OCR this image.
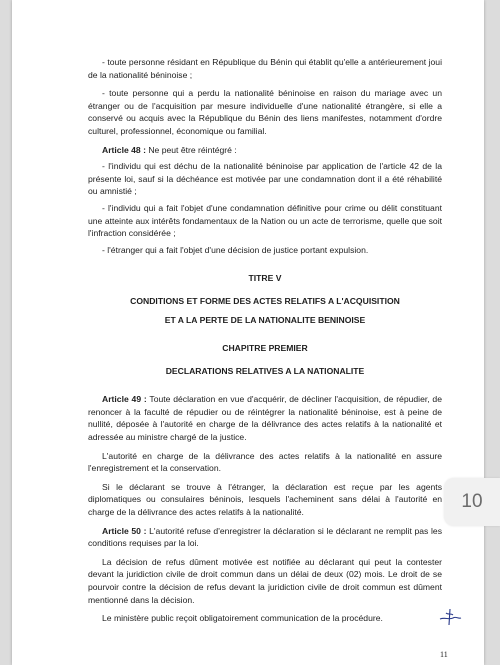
- toute personne résidant en République du Bénin qui établit qu'elle a antérieurement joui de la nationalité béninoise ;

- toute personne qui a perdu la nationalité béninoise en raison du mariage avec un étranger ou de l'acquisition par mesure individuelle d'une nationalité étrangère, si elle a conservé ou acquis avec la République du Bénin des liens manifestes, notamment d'ordre culturel, professionnel, économique ou familial.

Article 48 : Ne peut être réintégré :

- l'individu qui est déchu de la nationalité béninoise par application de l'article 42 de la présente loi, sauf si la déchéance est motivée par une condamnation dont il a été réhabilité ou amnistié ;

- l'individu qui a fait l'objet d'une condamnation définitive pour crime ou délit constituant une atteinte aux intérêts fondamentaux de la Nation ou un acte de terrorisme, quelle que soit l'infraction considérée ;

- l'étranger qui a fait l'objet d'une décision de justice portant expulsion.

TITRE V

CONDITIONS ET FORME DES ACTES RELATIFS A L'ACQUISITION

ET A LA PERTE DE LA NATIONALITE BENINOISE

CHAPITRE PREMIER

DECLARATIONS RELATIVES A LA NATIONALITE

Article 49 : Toute déclaration en vue d'acquérir, de décliner l'acquisition, de répudier, de renoncer à la faculté de répudier ou de réintégrer la nationalité béninoise, est à peine de nullité, déposée à l'autorité en charge de la délivrance des actes relatifs à la nationalité et adressée au ministre chargé de la justice.

L'autorité en charge de la délivrance des actes relatifs à la nationalité en assure l'enregistrement et la conservation.

Si le déclarant se trouve à l'étranger, la déclaration est reçue par les agents diplomatiques ou consulaires béninois, lesquels l'acheminent sans délai à l'autorité en charge de la délivrance des actes relatifs à la nationalité.

Article 50 : L'autorité refuse d'enregistrer la déclaration si le déclarant ne remplit pas les conditions requises par la loi.

La décision de refus dûment motivée est notifiée au déclarant qui peut la contester devant la juridiction civile de droit commun dans un délai de deux (02) mois. Le droit de se pourvoir contre la décision de refus devant la juridiction civile de droit commun est dûment mentionné dans la décision.

Le ministère public reçoit obligatoirement communication de la procédure.

11
10
